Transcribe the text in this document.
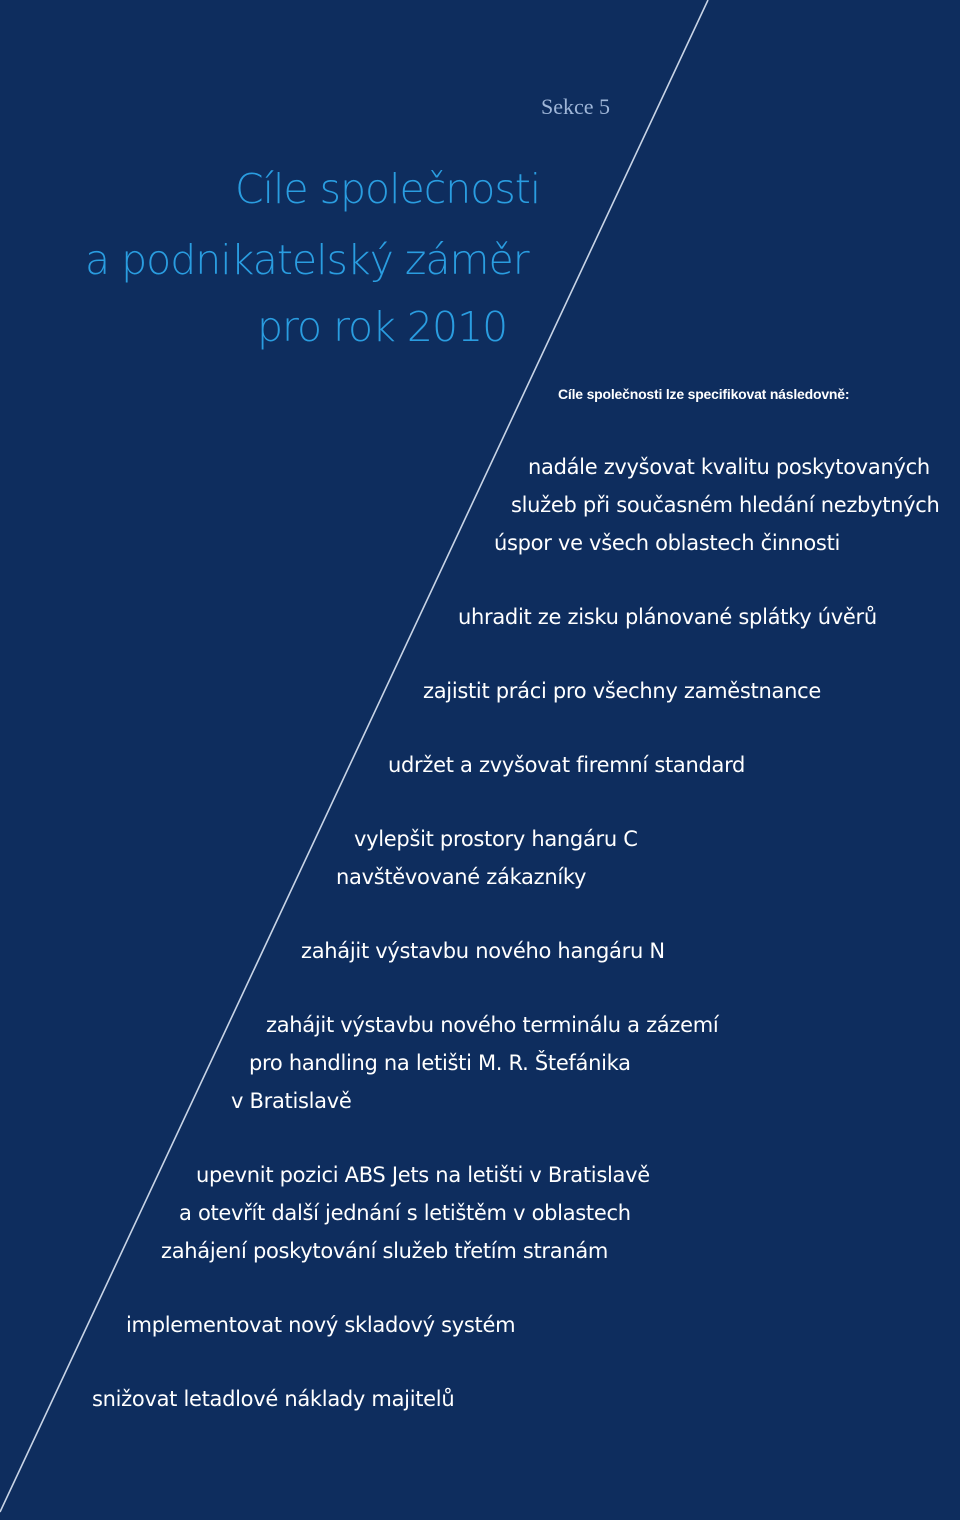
Sekce 5
Cíle společnosti
a podnikatelský záměr
pro rok 2010
Cíle společnosti lze specifikovat následovně:
nadále zvyšovat kvalitu poskytovaných
služeb při současném hledání nezbytných
úspor ve všech oblastech činnosti
uhradit ze zisku plánované splátky úvěrů
zajistit práci pro všechny zaměstnance
udržet a zvyšovat firemní standard
vylepšit prostory hangáru C
navštěvované zákazníky
zahájit výstavbu nového hangáru N
zahájit výstavbu nového terminálu a zázemí
pro handling na letišti M. R. Štefánika
v Bratislavě
upevnit pozici ABS Jets na letišti v Bratislavě
a otevřít další jednání s letištěm v oblastech
zahájení poskytování služeb třetím stranám
implementovat nový skladový systém
snižovat letadlové náklady majitelů
